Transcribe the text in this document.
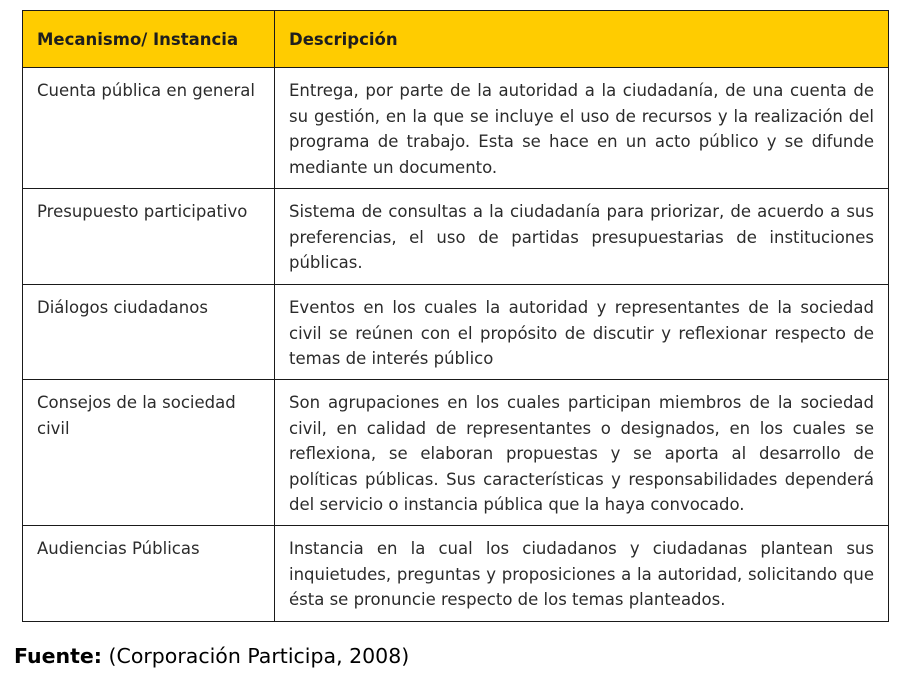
Mecanismo/ Instancia	Descripción
Cuenta pública en general	Entrega, por parte de la autoridad a la ciudadanía, de una cuenta de su gestión, en la que se incluye el uso de recursos y la realización del programa de trabajo. Esta se hace en un acto público y se difunde mediante un documento.
Presupuesto participativo	Sistema de consultas a la ciudadanía para priorizar, de acuerdo a sus preferencias, el uso de partidas presupuestarias de instituciones públicas.
Diálogos ciudadanos	Eventos en los cuales la autoridad y representantes de la sociedad civil se reúnen con el propósito de discutir y reflexionar respecto de temas de interés público
Consejos de la sociedad civil	Son agrupaciones en los cuales participan miembros de la sociedad civil, en calidad de representantes o designados, en los cuales se reflexiona, se elaboran propuestas y se aporta al desarrollo de políticas públicas. Sus características y responsabilidades dependerá del servicio o instancia pública que la haya convocado.
Audiencias Públicas	Instancia en la cual los ciudadanos y ciudadanas plantean sus inquietudes, preguntas y proposiciones a la autoridad, solicitando que ésta se pronuncie respecto de los temas planteados.
Fuente: (Corporación Participa, 2008)
